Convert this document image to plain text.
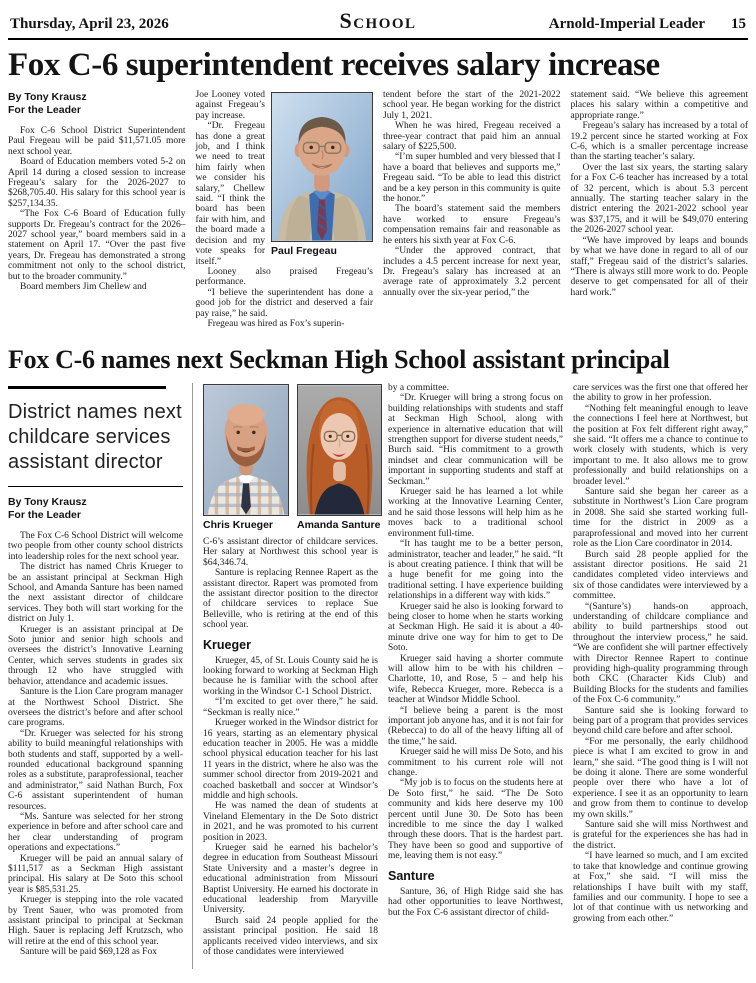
Thursday, April 23, 2026	School	Arnold-Imperial Leader 15
Fox C-6 superintendent receives salary increase
By Tony Krausz
For the Leader

Fox C-6 School District Superintendent Paul Fregeau will be paid $11,571.05 more next school year.

Board of Education members voted 5-2 on April 14 during a closed session to increase Fregeau’s salary for the 2026-2027 to $268,705.40. His salary for this school year is $257,134.35.

“The Fox C-6 Board of Education fully supports Dr. Fregeau’s contract for the 2026–2027 school year,” board members said in a statement on April 17. “Over the past five years, Dr. Fregeau has demonstrated a strong commitment not only to the school district, but to the broader community.”

Board members Jim Chellew and

Paul Fregeau

Joe Looney voted against Fregeau’s pay increase.

“Dr. Fregeau has done a great job, and I think we need to treat him fairly when we consider his salary,” Chellew said. “I think the board has been fair with him, and the board made a decision and my vote speaks for itself.”

Looney also praised Fregeau’s performance.

“I believe the superintendent has done a good job for the district and deserved a fair pay raise,” he said.

Fregeau was hired as Fox’s superin-

tendent before the start of the 2021-2022 school year. He began working for the district July 1, 2021.

When he was hired, Fregeau received a three-year contract that paid him an annual salary of $225,500.

“I’m super humbled and very blessed that I have a board that believes and supports me,” Fregeau said. “To be able to lead this district and be a key person in this community is quite the honor.”

The board’s statement said the members have worked to ensure Fregeau’s compensation remains fair and reasonable as he enters his sixth year at Fox C-6.

“Under the approved contract, that includes a 4.5 percent increase for next year, Dr. Fregeau’s salary has increased at an average rate of approximately 3.2 percent annually over the six-year period,” the

statement said. “We believe this agreement places his salary within a competitive and appropriate range.”

Fregeau’s salary has increased by a total of 19.2 percent since he started working at Fox C-6, which is a smaller percentage increase than the starting teacher’s salary.

Over the last six years, the starting salary for a Fox C-6 teacher has increased by a total of 32 percent, which is about 5.3 percent annually. The starting teacher salary in the district entering the 2021-2022 school year was $37,175, and it will be $49,070 entering the 2026-2027 school year.

“We have improved by leaps and bounds by what we have done in regard to all of our staff,” Fregeau said of the district’s salaries. “There is always still more work to do. People deserve to get compensated for all of their hard work.”

Fox C-6 names next Seckman High School assistant principal
District names next childcare services assistant director
By Tony Krausz
For the Leader

The Fox C-6 School District will welcome two people from other county school districts into leadership roles for the next school year.

The district has named Chris Krueger to be an assistant principal at Seckman High School, and Amanda Santure has been named the next assistant director of childcare services. They both will start working for the district on July 1.

Krueger is an assistant principal at De Soto junior and senior high schools and oversees the district’s Innovative Learning Center, which serves students in grades six through 12 who have struggled with behavior, attendance and academic issues.

Santure is the Lion Care program manager at the Northwest School District. She oversees the district’s before and after school care programs.

“Dr. Krueger was selected for his strong ability to build meaningful relationships with both students and staff, supported by a well-rounded educational background spanning roles as a substitute, paraprofessional, teacher and administrator,” said Nathan Burch, Fox C-6 assistant superintendent of human resources.

“Ms. Santure was selected for her strong experience in before and after school care and her clear understanding of program operations and expectations.”

Krueger will be paid an annual salary of $111,517 as a Seckman High assistant principal. His salary at De Soto this school year is $85,531.25.

Krueger is stepping into the role vacated by Trent Sauer, who was promoted from assistant principal to principal at Seckman High. Sauer is replacing Jeff Krutzsch, who will retire at the end of this school year.

Santure will be paid $69,128 as Fox

Chris Krueger	Amanda Santure

C-6’s assistant director of childcare services. Her salary at Northwest this school year is $64,346.74.

Santure is replacing Rennee Rapert as the assistant director. Rapert was promoted from the assistant director position to the director of childcare services to replace Sue Belleville, who is retiring at the end of this school year.

Krueger

Krueger, 45, of St. Louis County said he is looking forward to working at Seckman High because he is familiar with the school after working in the Windsor C-1 School District.

“I’m excited to get over there,” he said. “Seckman is really nice.”

Krueger worked in the Windsor district for 16 years, starting as an elementary physical education teacher in 2005. He was a middle school physical education teacher for his last 11 years in the district, where he also was the summer school director from 2019-2021 and coached basketball and soccer at Windsor’s middle and high schools.

He was named the dean of students at Vineland Elementary in the De Soto district in 2021, and he was promoted to his current position in 2023.

Krueger said he earned his bachelor’s degree in education from Southeast Missouri State University and a master’s degree in educational administration from Missouri Baptist University. He earned his doctorate in educational leadership from Maryville University.

Burch said 24 people applied for the assistant principal position. He said 18 applicants received video interviews, and six of those candidates were interviewed

by a committee.

“Dr. Krueger will bring a strong focus on building relationships with students and staff at Seckman High School, along with experience in alternative education that will strengthen support for diverse student needs,” Burch said. “His commitment to a growth mindset and clear communication will be important in supporting students and staff at Seckman.”

Krueger said he has learned a lot while working at the Innovative Learning Center, and he said those lessons will help him as he moves back to a traditional school environment full-time.

“It has taught me to be a better person, administrator, teacher and leader,” he said. “It is about creating patience. I think that will be a huge benefit for me going into the traditional setting. I have experience building relationships in a different way with kids.”

Krueger said he also is looking forward to being closer to home when he starts working at Seckman High. He said it is about a 40-minute drive one way for him to get to De Soto.

Krueger said having a shorter commute will allow him to be with his children – Charlotte, 10, and Rose, 5 – and help his wife, Rebecca Krueger, more. Rebecca is a teacher at Windsor Middle School.

“I believe being a parent is the most important job anyone has, and it is not fair for (Rebecca) to do all of the heavy lifting all of the time,” he said.

Krueger said he will miss De Soto, and his commitment to his current role will not change.

“My job is to focus on the students here at De Soto first,” he said. “The De Soto community and kids here deserve my 100 percent until June 30. De Soto has been incredible to me since the day I walked through these doors. That is the hardest part. They have been so good and supportive of me, leaving them is not easy.”

Santure

Santure, 36, of High Ridge said she has had other opportunities to leave Northwest, but the Fox C-6 assistant director of child-

care services was the first one that offered her the ability to grow in her profession.

“Nothing felt meaningful enough to leave the connections I feel here at Northwest, but the position at Fox felt different right away,” she said. “It offers me a chance to continue to work closely with students, which is very important to me. It also allows me to grow professionally and build relationships on a broader level.”

Santure said she began her career as a substitute in Northwest’s Lion Care program in 2008. She said she started working full-time for the district in 2009 as a paraprofessional and moved into her current role as the Lion Care coordinator in 2014.

Burch said 28 people applied for the assistant director positions. He said 21 candidates completed video interviews and six of those candidates were interviewed by a committee.

“(Santure’s) hands-on approach, understanding of childcare compliance and ability to build partnerships stood out throughout the interview process,” he said. “We are confident she will partner effectively with Director Rennee Rapert to continue providing high-quality programming through both CKC (Character Kids Club) and Building Blocks for the students and families of the Fox C-6 community.”

Santure said she is looking forward to being part of a program that provides services beyond child care before and after school.

“For me personally, the early childhood piece is what I am excited to grow in and learn,” she said. “The good thing is I will not be doing it alone. There are some wonderful people over there who have a lot of experience. I see it as an opportunity to learn and grow from them to continue to develop my own skills.”

Santure said she will miss Northwest and is grateful for the experiences she has had in the district.

“I have learned so much, and I am excited to take that knowledge and continue growing at Fox,” she said. “I will miss the relationships I have built with my staff, families and our community. I hope to see a lot of that continue with us networking and growing from each other.”
